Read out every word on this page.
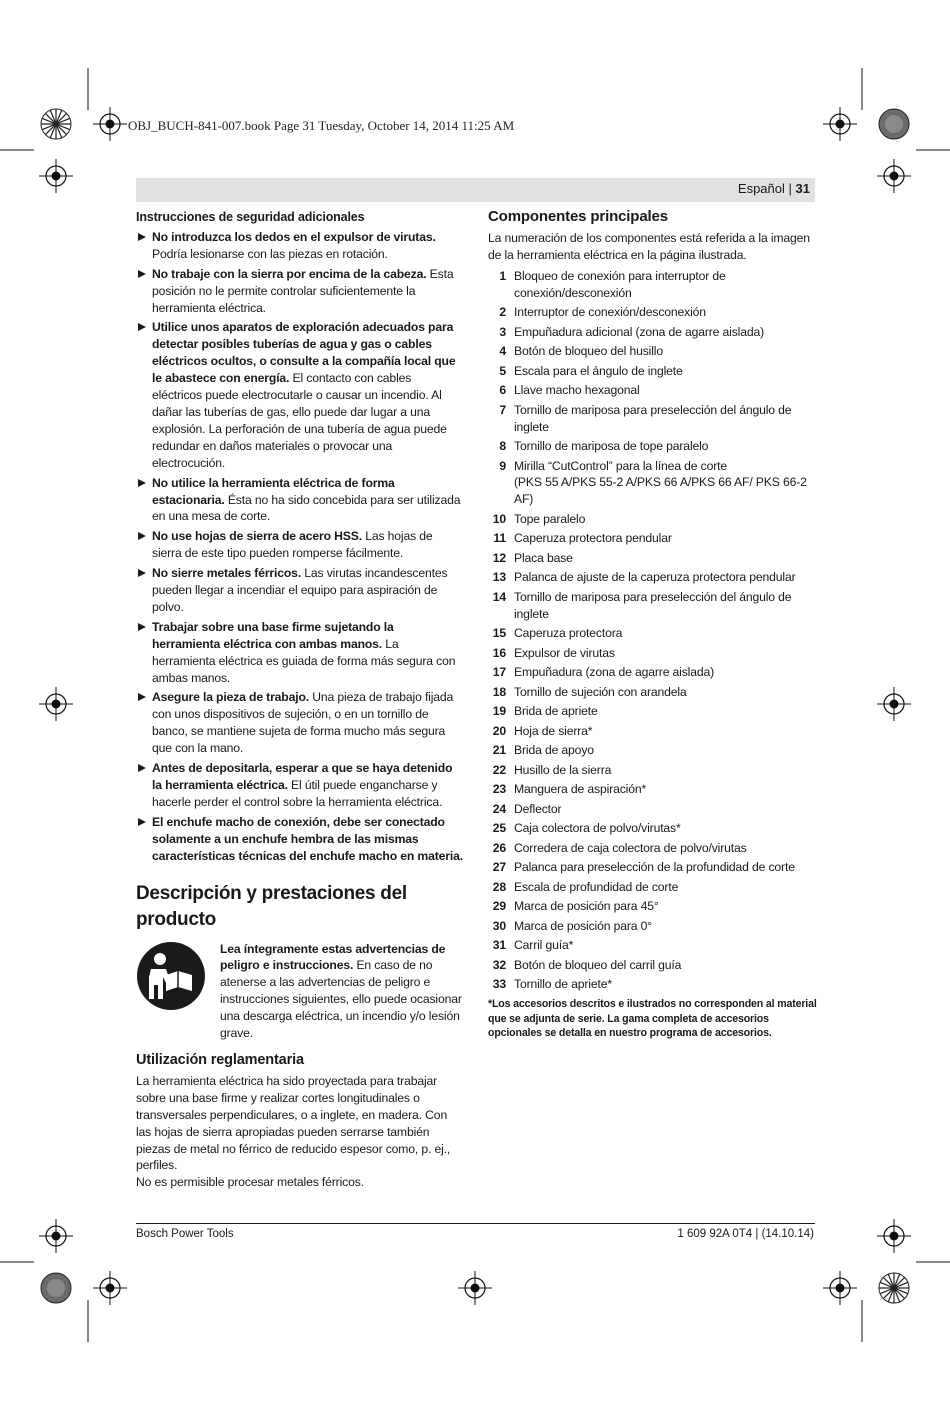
OBJ_BUCH-841-007.book Page 31 Tuesday, October 14, 2014 11:25 AM
Español | 31
Instrucciones de seguridad adicionales
No introduzca los dedos en el expulsor de virutas. Podría lesionarse con las piezas en rotación.
No trabaje con la sierra por encima de la cabeza. Esta posición no le permite controlar suficientemente la herramienta eléctrica.
Utilice unos aparatos de exploración adecuados para detectar posibles tuberías de agua y gas o cables eléctricos ocultos, o consulte a la compañía local que le abastece con energía. El contacto con cables eléctricos puede electrocutarle o causar un incendio. Al dañar las tuberías de gas, ello puede dar lugar a una explosión. La perforación de una tubería de agua puede redundar en daños materiales o provocar una electrocución.
No utilice la herramienta eléctrica de forma estacionaria. Ésta no ha sido concebida para ser utilizada en una mesa de corte.
No use hojas de sierra de acero HSS. Las hojas de sierra de este tipo pueden romperse fácilmente.
No sierre metales férricos. Las virutas incandescentes pueden llegar a incendiar el equipo para aspiración de polvo.
Trabajar sobre una base firme sujetando la herramienta eléctrica con ambas manos. La herramienta eléctrica es guiada de forma más segura con ambas manos.
Asegure la pieza de trabajo. Una pieza de trabajo fijada con unos dispositivos de sujeción, o en un tornillo de banco, se mantiene sujeta de forma mucho más segura que con la mano.
Antes de depositarla, esperar a que se haya detenido la herramienta eléctrica. El útil puede engancharse y hacerle perder el control sobre la herramienta eléctrica.
El enchufe macho de conexión, debe ser conectado solamente a un enchufe hembra de las mismas características técnicas del enchufe macho en materia.
Descripción y prestaciones del producto
Lea íntegramente estas advertencias de peligro e instrucciones. En caso de no atenerse a las advertencias de peligro e instrucciones siguientes, ello puede ocasionar una descarga eléctrica, un incendio y/o lesión grave.
Utilización reglamentaria
La herramienta eléctrica ha sido proyectada para trabajar sobre una base firme y realizar cortes longitudinales o transversales perpendiculares, o a inglete, en madera. Con las hojas de sierra apropiadas pueden serrarse también piezas de metal no férrico de reducido espesor como, p. ej., perfiles.
No es permisible procesar metales férricos.
Componentes principales
La numeración de los componentes está referida a la imagen de la herramienta eléctrica en la página ilustrada.
1 Bloqueo de conexión para interruptor de conexión/desconexión
2 Interruptor de conexión/desconexión
3 Empuñadura adicional (zona de agarre aislada)
4 Botón de bloqueo del husillo
5 Escala para el ángulo de inglete
6 Llave macho hexagonal
7 Tornillo de mariposa para preselección del ángulo de inglete
8 Tornillo de mariposa de tope paralelo
9 Mirilla “CutControl” para la línea de corte
(PKS 55 A/PKS 55-2 A/PKS 66 A/PKS 66 AF/ PKS 66-2 AF)
10 Tope paralelo
11 Caperuza protectora pendular
12 Placa base
13 Palanca de ajuste de la caperuza protectora pendular
14 Tornillo de mariposa para preselección del ángulo de inglete
15 Caperuza protectora
16 Expulsor de virutas
17 Empuñadura (zona de agarre aislada)
18 Tornillo de sujeción con arandela
19 Brida de apriete
20 Hoja de sierra*
21 Brida de apoyo
22 Husillo de la sierra
23 Manguera de aspiración*
24 Deflector
25 Caja colectora de polvo/virutas*
26 Corredera de caja colectora de polvo/virutas
27 Palanca para preselección de la profundidad de corte
28 Escala de profundidad de corte
29 Marca de posición para 45°
30 Marca de posición para 0°
31 Carril guía*
32 Botón de bloqueo del carril guía
33 Tornillo de apriete*
*Los accesorios descritos e ilustrados no corresponden al material que se adjunta de serie. La gama completa de accesorios opcionales se detalla en nuestro programa de accesorios.
Bosch Power Tools	1 609 92A 0T4 | (14.10.14)
